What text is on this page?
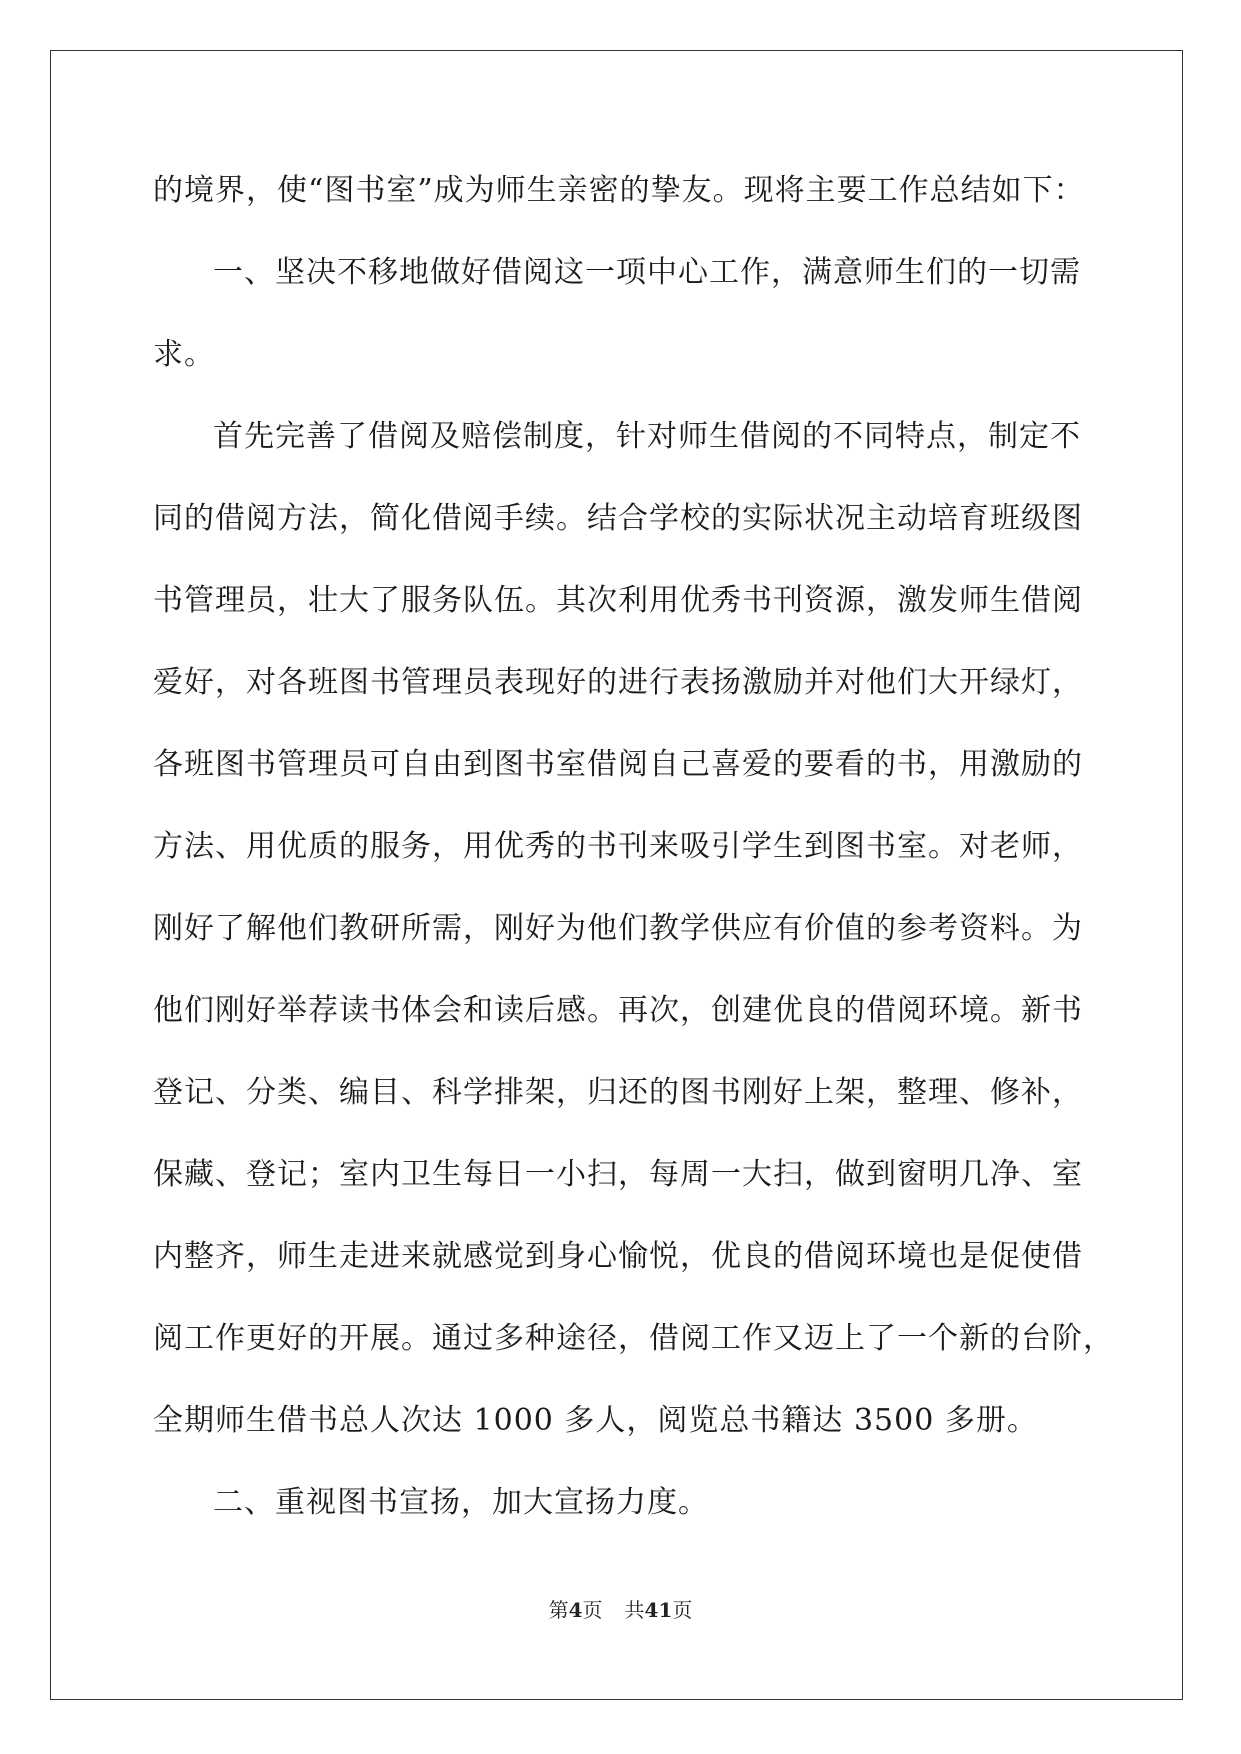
的境界，使“图书室”成为师生亲密的挚友。现将主要工作总结如下：

一、坚决不移地做好借阅这一项中心工作，满意师生们的一切需

求。

首先完善了借阅及赔偿制度，针对师生借阅的不同特点，制定不

同的借阅方法，简化借阅手续。结合学校的实际状况主动培育班级图

书管理员，壮大了服务队伍。其次利用优秀书刊资源，激发师生借阅

爱好，对各班图书管理员表现好的进行表扬激励并对他们大开绿灯，

各班图书管理员可自由到图书室借阅自己喜爱的要看的书，用激励的

方法、用优质的服务，用优秀的书刊来吸引学生到图书室。对老师，

刚好了解他们教研所需，刚好为他们教学供应有价值的参考资料。为

他们刚好举荐读书体会和读后感。再次，创建优良的借阅环境。新书

登记、分类、编目、科学排架，归还的图书刚好上架，整理、修补，

保藏、登记；室内卫生每日一小扫，每周一大扫，做到窗明几净、室

内整齐，师生走进来就感觉到身心愉悦，优良的借阅环境也是促使借

阅工作更好的开展。通过多种途径，借阅工作又迈上了一个新的台阶，

全期师生借书总人次达 1000 多人，阅览总书籍达 3500 多册。

二、重视图书宣扬，加大宣扬力度。

第4页 共41页
